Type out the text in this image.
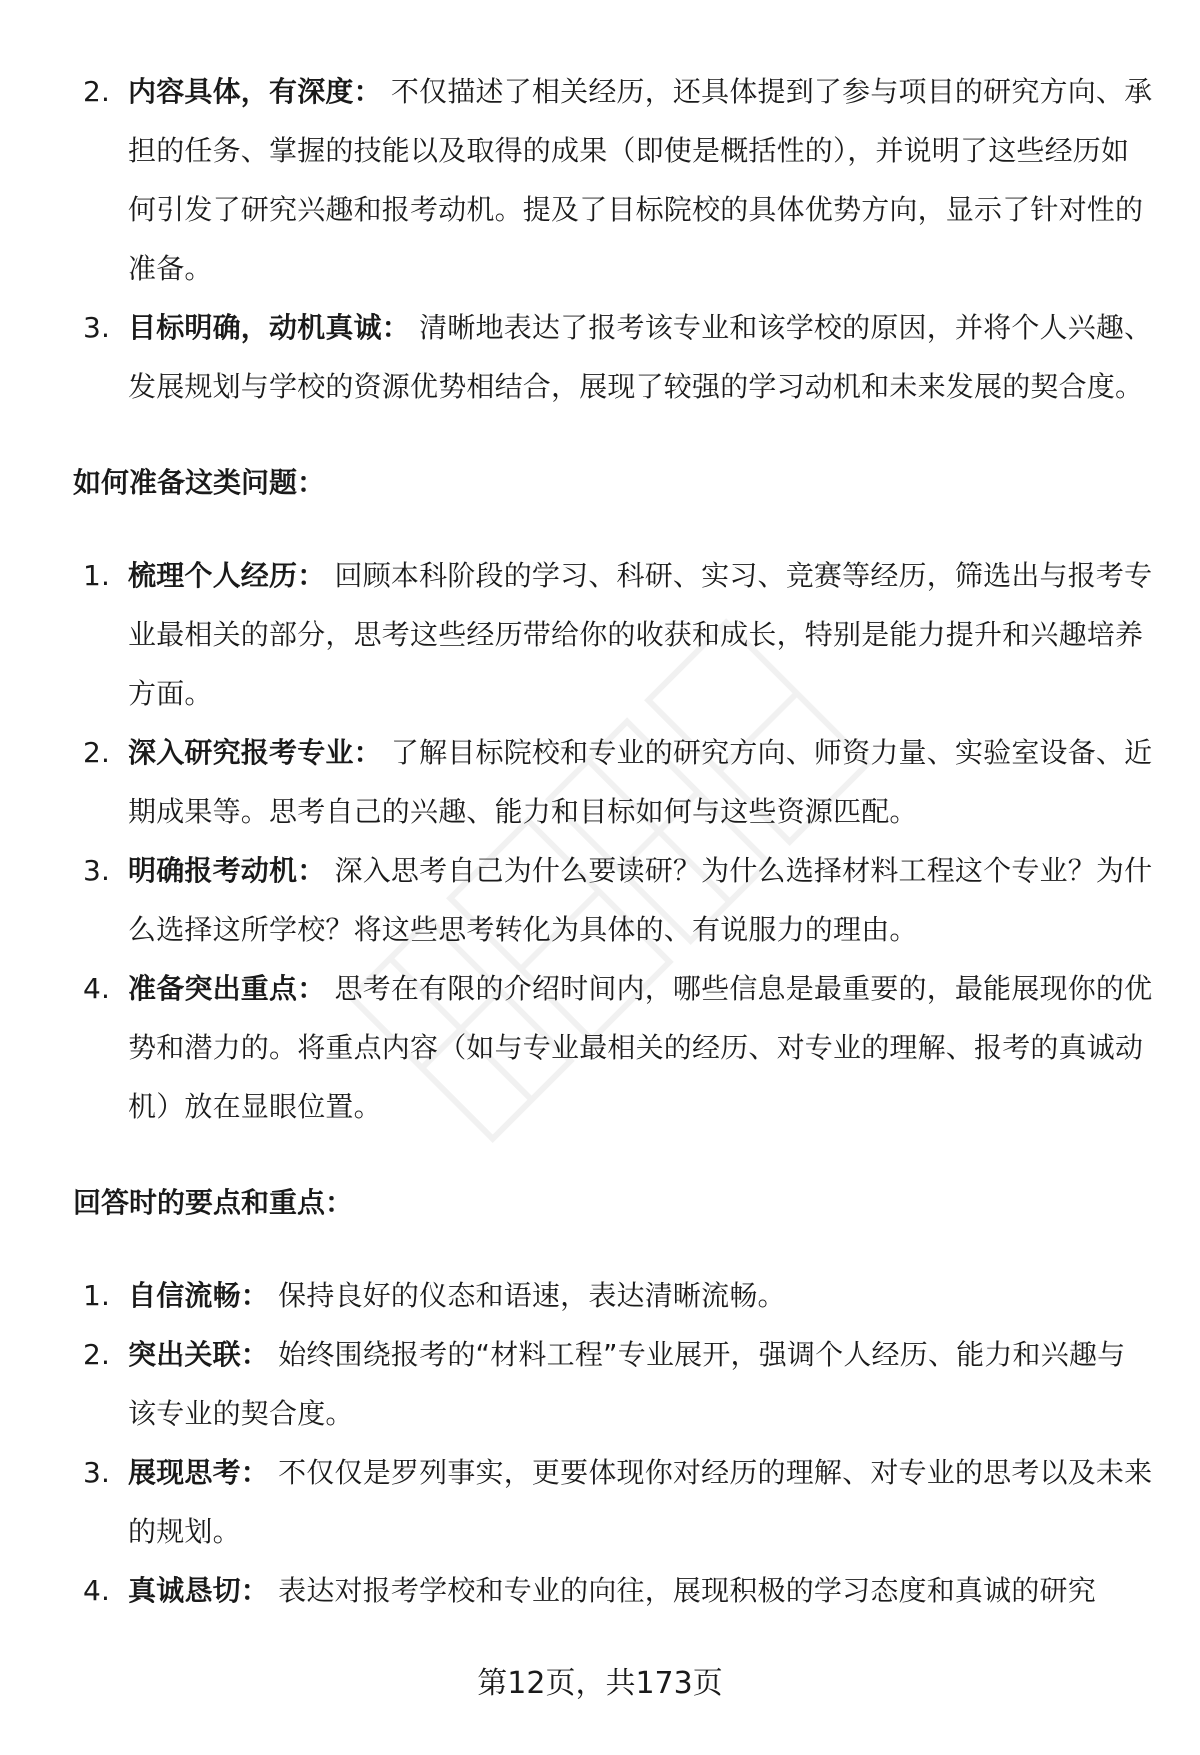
2. 内容具体，有深度： 不仅描述了相关经历，还具体提到了参与项目的研究方向、承担的任务、掌握的技能以及取得的成果（即使是概括性的），并说明了这些经历如何引发了研究兴趣和报考动机。提及了目标院校的具体优势方向，显示了针对性的准备。
3. 目标明确，动机真诚： 清晰地表达了报考该专业和该学校的原因，并将个人兴趣、发展规划与学校的资源优势相结合，展现了较强的学习动机和未来发展的契合度。
如何准备这类问题：
1. 梳理个人经历： 回顾本科阶段的学习、科研、实习、竞赛等经历，筛选出与报考专业最相关的部分，思考这些经历带给你的收获和成长，特别是能力提升和兴趣培养方面。
2. 深入研究报考专业： 了解目标院校和专业的研究方向、师资力量、实验室设备、近期成果等。思考自己的兴趣、能力和目标如何与这些资源匹配。
3. 明确报考动机： 深入思考自己为什么要读研？为什么选择材料工程这个专业？为什么选择这所学校？将这些思考转化为具体的、有说服力的理由。
4. 准备突出重点： 思考在有限的介绍时间内，哪些信息是最重要的，最能展现你的优势和潜力的。将重点内容（如与专业最相关的经历、对专业的理解、报考的真诚动机）放在显眼位置。
回答时的要点和重点：
1. 自信流畅： 保持良好的仪态和语速，表达清晰流畅。
2. 突出关联： 始终围绕报考的“材料工程”专业展开，强调个人经历、能力和兴趣与该专业的契合度。
3. 展现思考： 不仅仅是罗列事实，更要体现你对经历的理解、对专业的思考以及未来的规划。
4. 真诚恳切： 表达对报考学校和专业的向往，展现积极的学习态度和真诚的研究
第12页，共173页
